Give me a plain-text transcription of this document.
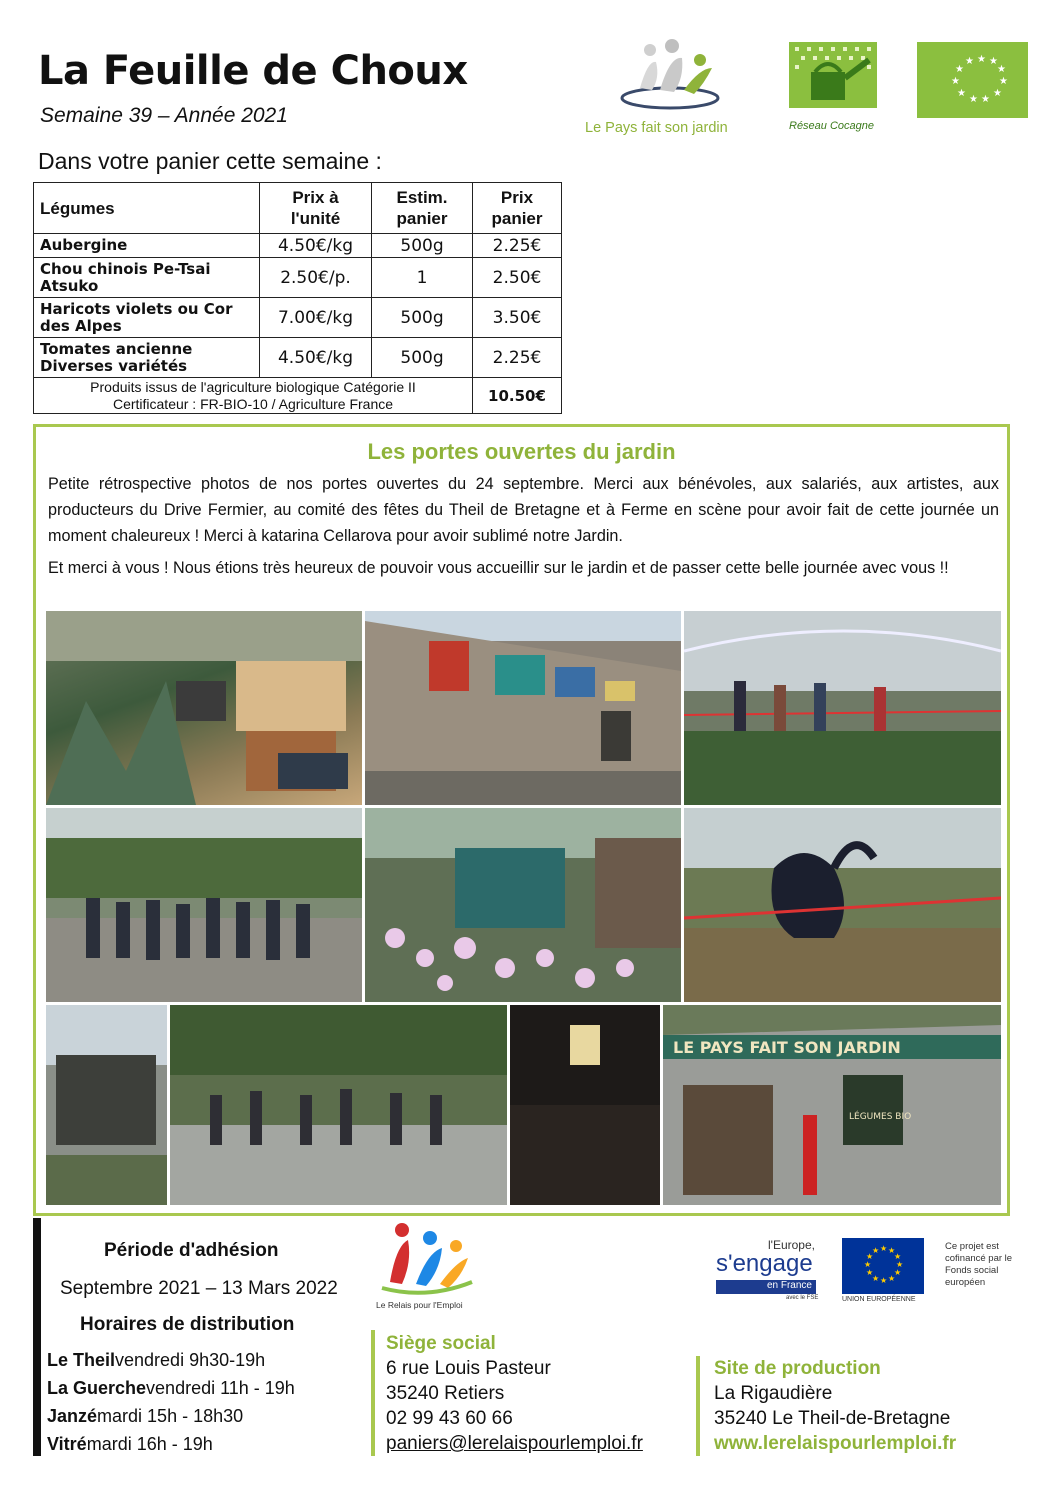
La Feuille de Choux
Semaine 39 – Année 2021
Dans votre panier cette semaine :
Le Pays fait son jardin	Réseau Cocagne
★ ★ ★
★	★
★	★
★	★
★ ★
Légumes	Prix à l'unité	Estim. panier	Prix panier
Aubergine	4.50€/kg	500g	2.25€
Chou chinois Pe-Tsai Atsuko	2.50€/p.	1	2.50€
Haricots violets ou Cor des Alpes	7.00€/kg	500g	3.50€
Tomates ancienne Diverses variétés	4.50€/kg	500g	2.25€

Produits issus de l'agriculture biologique Catégorie II
Certificateur : FR-BIO-10 / Agriculture France			10.50€
Les portes ouvertes du jardin

Petite rétrospective photos de nos portes ouvertes du 24 septembre. Merci aux bénévoles, aux salariés, aux artistes, aux producteurs du Drive Fermier, au comité des fêtes du Theil de Bretagne et à Ferme en scène pour avoir fait de cette journée un moment chaleureux ! Merci à katarina Cellarova pour avoir sublimé notre Jardin.

Et merci à vous ! Nous étions très heureux de pouvoir vous accueillir sur le jardin et de passer cette belle journée avec vous !!

LE PAYS FAIT SON JARDIN
LÉGUMES BIO
Période d'adhésion
Septembre 2021 – 13 Mars 2022
Horaires de distribution
Le Theilvendredi 9h30-19h
La Guerchevendredi 11h - 19h
Janzémardi 15h - 18h30
Vitrémardi 16h - 19h
Le Relais pour l'Emploi
Siège social
6 rue Louis Pasteur
35240 Retiers
02 99 43 60 66
paniers@lerelaispourlemploi.fr
l'Europe,
s'engage
en France
avec le FSE
★ ★
★
★
★
★
★
★
★
★
★
★
UNION EUROPÉENNE
Ce projet est cofinancé par le Fonds social européen
Site de production
La Rigaudière
35240 Le Theil-de-Bretagne
www.lerelaispourlemploi.fr
